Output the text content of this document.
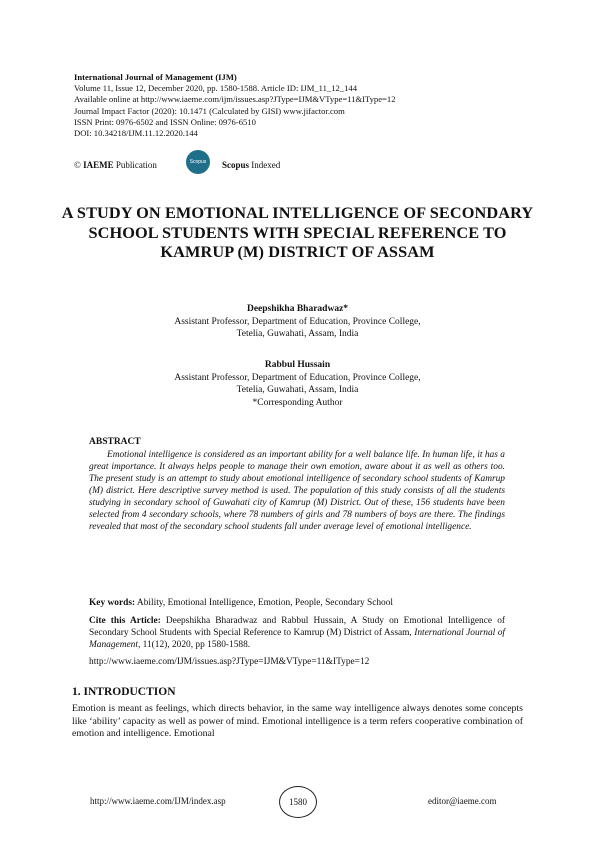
International Journal of Management (IJM)
Volume 11, Issue 12, December 2020, pp. 1580-1588. Article ID: IJM_11_12_144
Available online at http://www.iaeme.com/ijm/issues.asp?JType=IJM&VType=11&IType=12
Journal Impact Factor (2020): 10.1471 (Calculated by GISI) www.jifactor.com
ISSN Print: 0976-6502 and ISSN Online: 0976-6510
DOI: 10.34218/IJM.11.12.2020.144
© IAEME Publication	Scopus Scopus Indexed
A STUDY ON EMOTIONAL INTELLIGENCE OF SECONDARY SCHOOL STUDENTS WITH SPECIAL REFERENCE TO KAMRUP (M) DISTRICT OF ASSAM
Deepshikha Bharadwaz*
Assistant Professor, Department of Education, Province College,
Tetelia, Guwahati, Assam, India
Rabbul Hussain
Assistant Professor, Department of Education, Province College,
Tetelia, Guwahati, Assam, India
*Corresponding Author
ABSTRACT

Emotional intelligence is considered as an important ability for a well balance life. In human life, it has a great importance. It always helps people to manage their own emotion, aware about it as well as others too. The present study is an attempt to study about emotional intelligence of secondary school students of Kamrup (M) district. Here descriptive survey method is used. The population of this study consists of all the students studying in secondary school of Guwahati city of Kamrup (M) District. Out of these, 156 students have been selected from 4 secondary schools, where 78 numbers of girls and 78 numbers of boys are there. The findings revealed that most of the secondary school students fall under average level of emotional intelligence.

Key words: Ability, Emotional Intelligence, Emotion, People, Secondary School
Cite this Article: Deepshikha Bharadwaz and Rabbul Hussain, A Study on Emotional Intelligence of Secondary School Students with Special Reference to Kamrup (M) District of Assam, International Journal of Management, 11(12), 2020, pp 1580-1588.
http://www.iaeme.com/IJM/issues.asp?JType=IJM&VType=11&IType=12
1. INTRODUCTION
Emotion is meant as feelings, which directs behavior, in the same way intelligence always denotes some concepts like ‘ability’ capacity as well as power of mind. Emotional intelligence is a term refers cooperative combination of emotion and intelligence. Emotional
http://www.iaeme.com/IJM/index.asp	1580	editor@iaeme.com
